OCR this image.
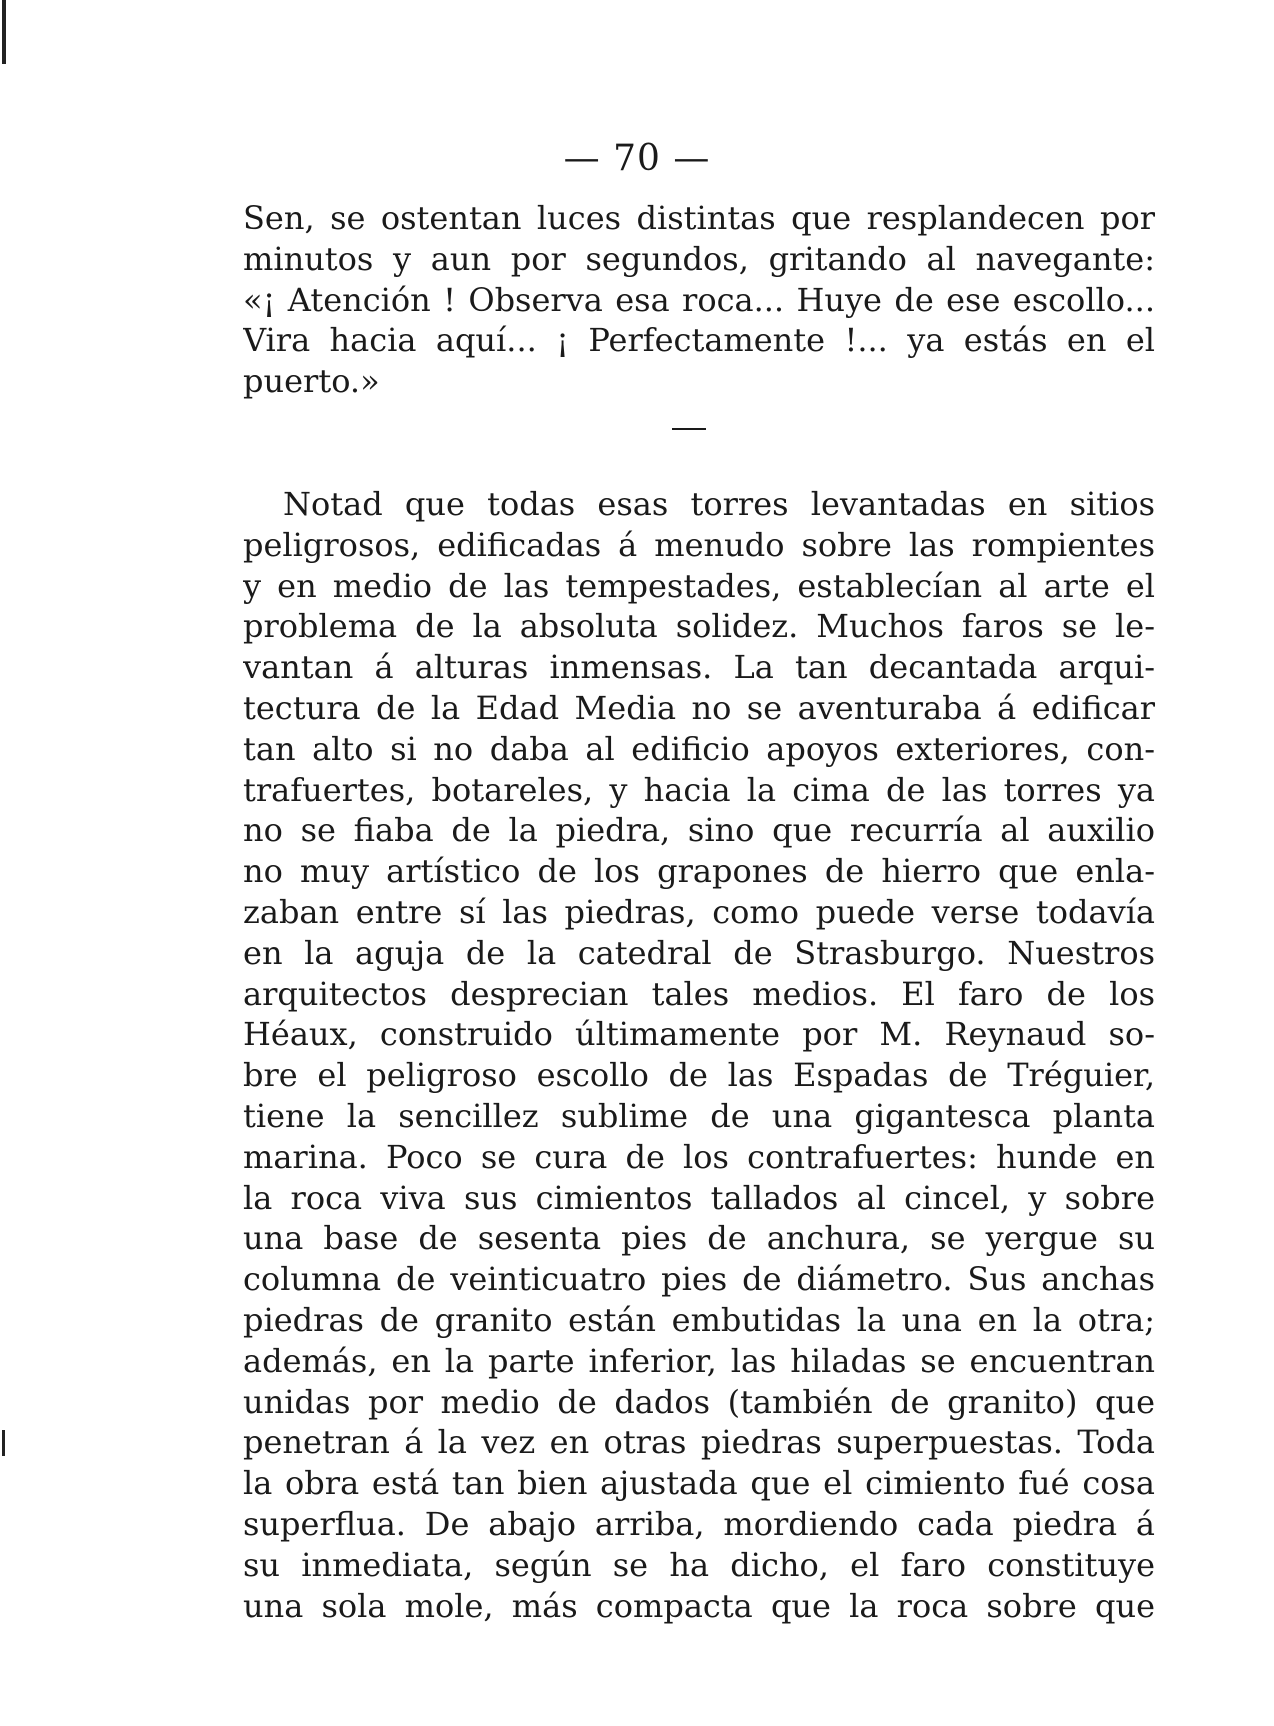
— 70 —
Sen, se ostentan luces distintas que resplandecen por
minutos y aun por segundos, gritando al navegante:
«¡ Atención ! Observa esa roca... Huye de ese escollo...
Vira hacia aquí... ¡ Perfectamente !... ya estás en el
puerto.»
Notad que todas esas torres levantadas en sitios
peligrosos, edificadas á menudo sobre las rompientes
y en medio de las tempestades, establecían al arte el
problema de la absoluta solidez. Muchos faros se le-
vantan á alturas inmensas. La tan decantada arqui-
tectura de la Edad Media no se aventuraba á edificar
tan alto si no daba al edificio apoyos exteriores, con-
trafuertes, botareles, y hacia la cima de las torres ya
no se fiaba de la piedra, sino que recurría al auxilio
no muy artístico de los grapones de hierro que enla-
zaban entre sí las piedras, como puede verse todavía
en la aguja de la catedral de Strasburgo. Nuestros
arquitectos desprecian tales medios. El faro de los
Héaux, construido últimamente por M. Reynaud so-
bre el peligroso escollo de las Espadas de Tréguier,
tiene la sencillez sublime de una gigantesca planta
marina. Poco se cura de los contrafuertes: hunde en
la roca viva sus cimientos tallados al cincel, y sobre
una base de sesenta pies de anchura, se yergue su
columna de veinticuatro pies de diámetro. Sus anchas
piedras de granito están embutidas la una en la otra;
además, en la parte inferior, las hiladas se encuentran
unidas por medio de dados (también de granito) que
penetran á la vez en otras piedras superpuestas. Toda
la obra está tan bien ajustada que el cimiento fué cosa
superflua. De abajo arriba, mordiendo cada piedra á
su inmediata, según se ha dicho, el faro constituye
una sola mole, más compacta que la roca sobre que
